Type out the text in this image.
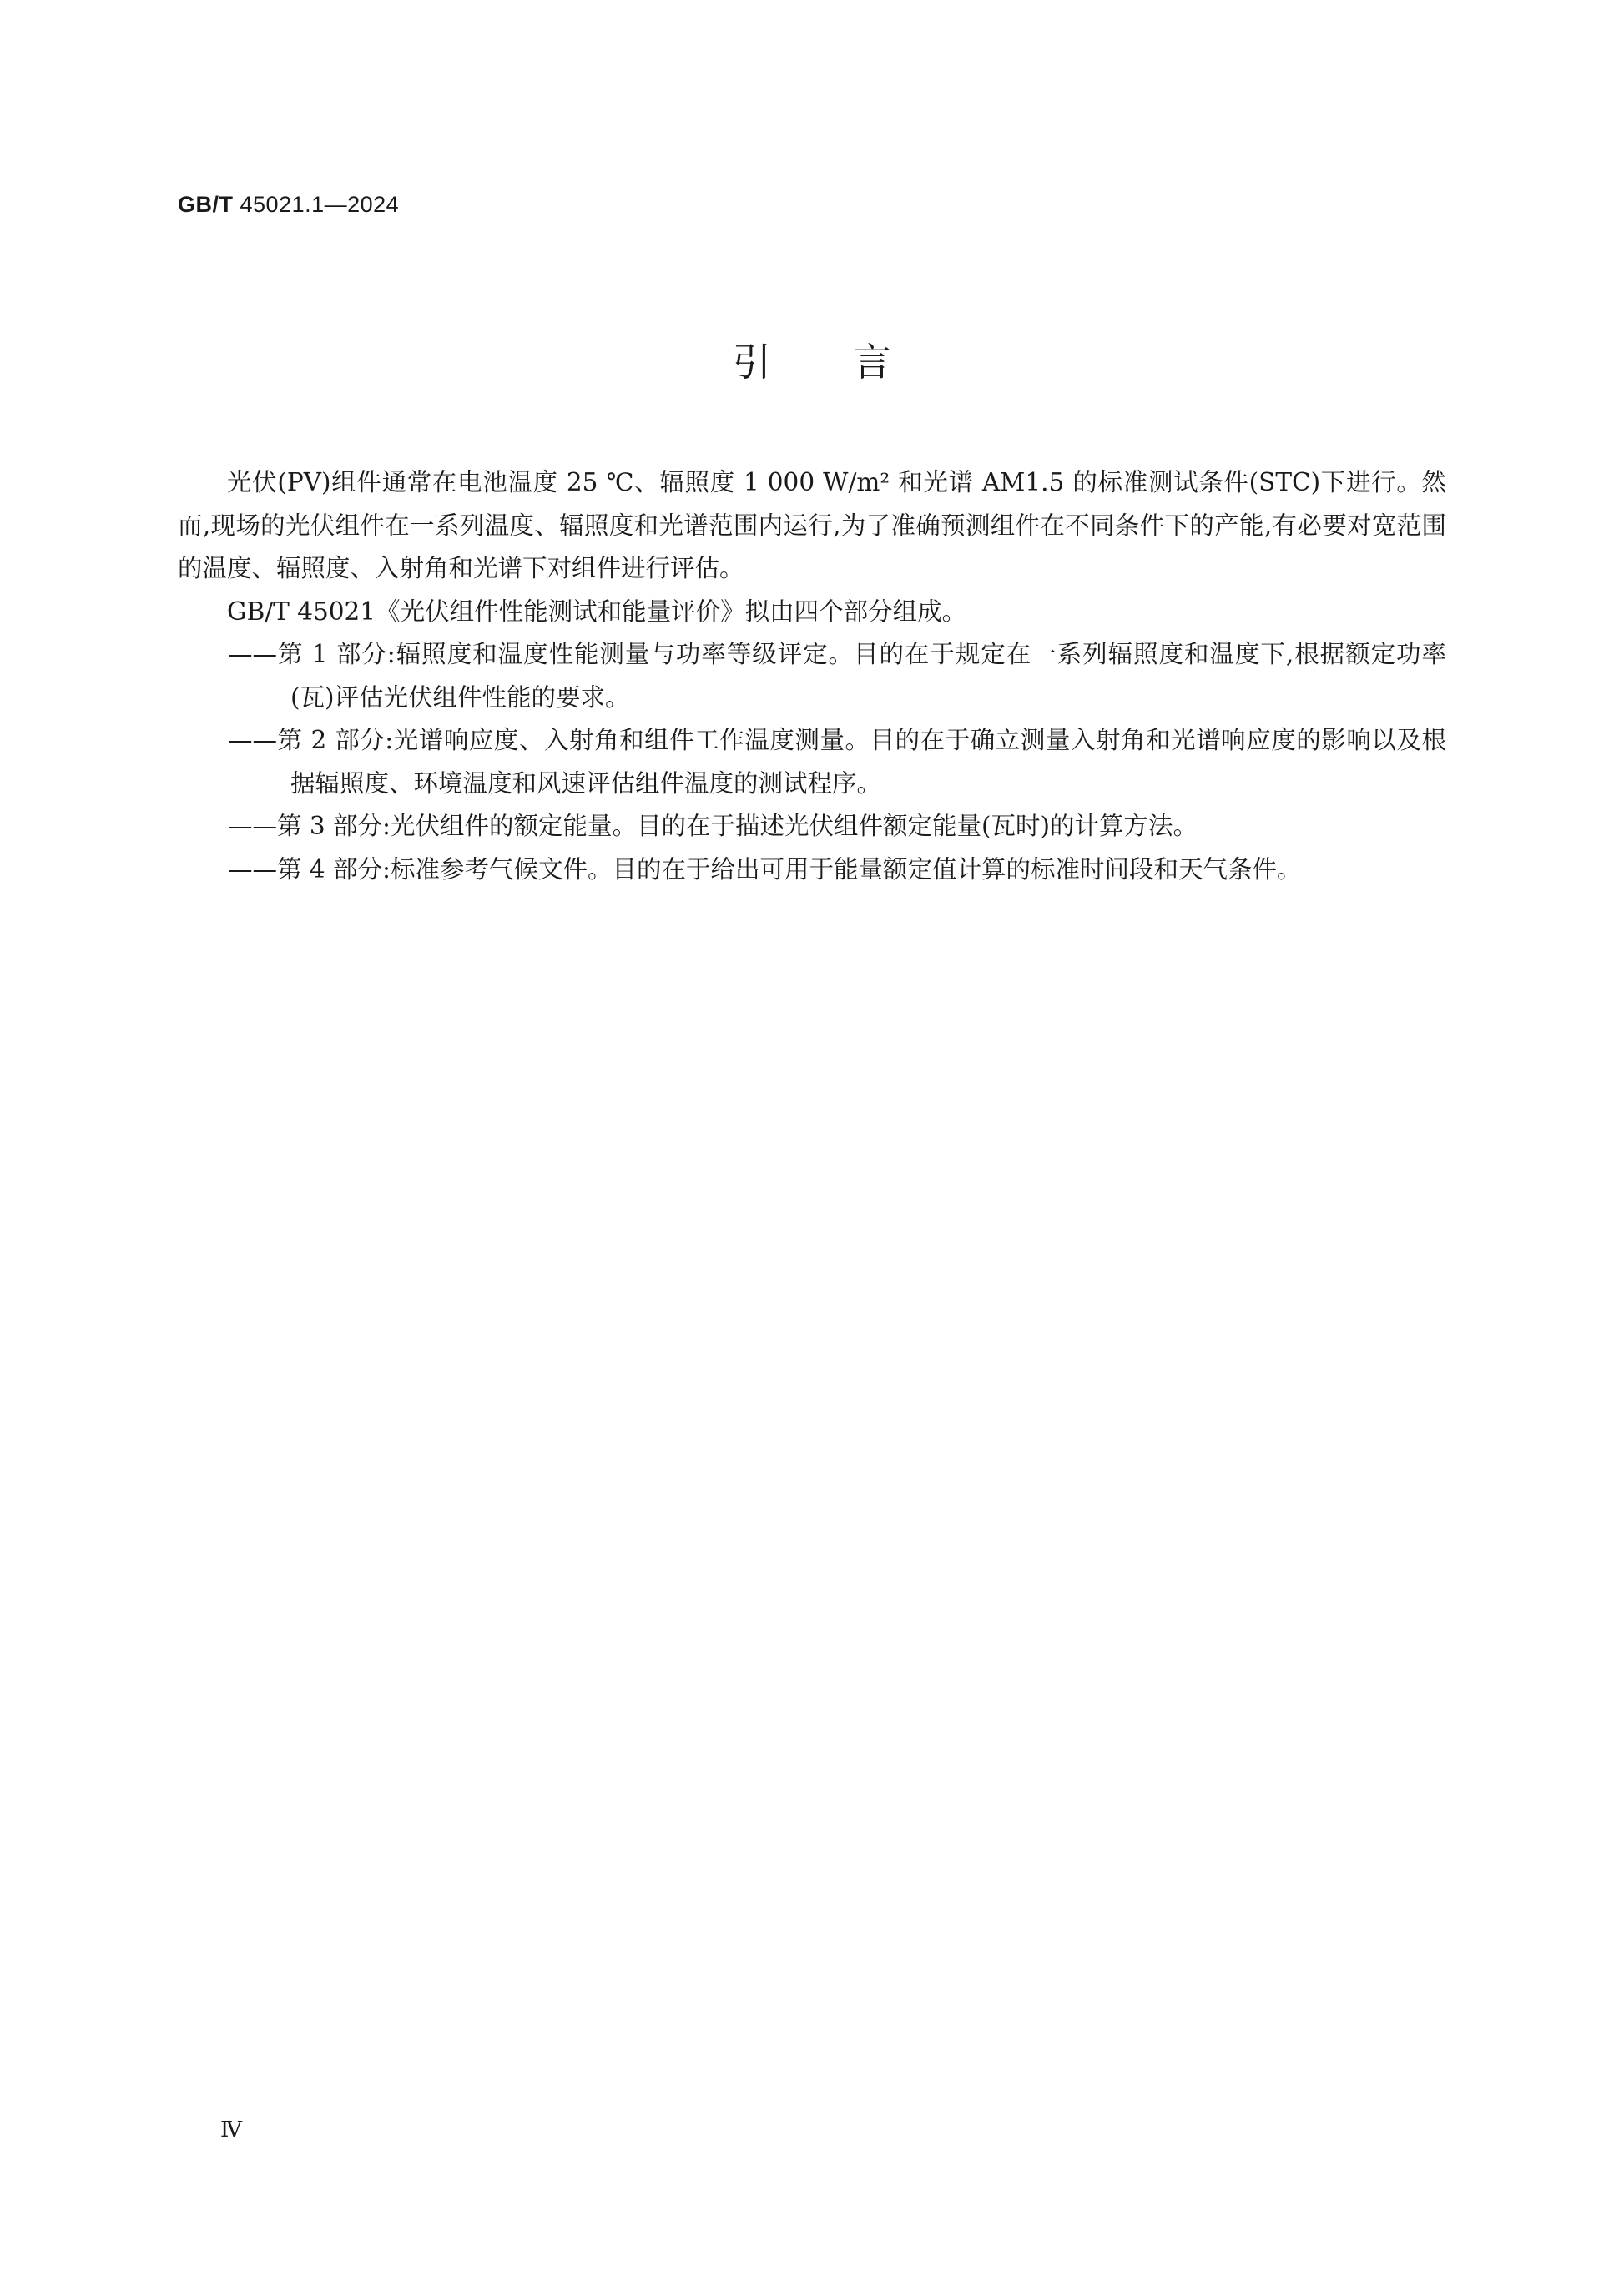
GB/T 45021.1—2024
引言

光伏(PV)组件通常在电池温度 25 ℃、辐照度 1 000 W/m² 和光谱 AM1.5 的标准测试条件(STC)下进行。然而,现场的光伏组件在一系列温度、辐照度和光谱范围内运行,为了准确预测组件在不同条件下的产能,有必要对宽范围的温度、辐照度、入射角和光谱下对组件进行评估。

GB/T 45021《光伏组件性能测试和能量评价》拟由四个部分组成。

——第 1 部分:辐照度和温度性能测量与功率等级评定。目的在于规定在一系列辐照度和温度下,根据额定功率(瓦)评估光伏组件性能的要求。

——第 2 部分:光谱响应度、入射角和组件工作温度测量。目的在于确立测量入射角和光谱响应度的影响以及根据辐照度、环境温度和风速评估组件温度的测试程序。

——第 3 部分:光伏组件的额定能量。目的在于描述光伏组件额定能量(瓦时)的计算方法。

——第 4 部分:标准参考气候文件。目的在于给出可用于能量额定值计算的标准时间段和天气条件。

Ⅳ
